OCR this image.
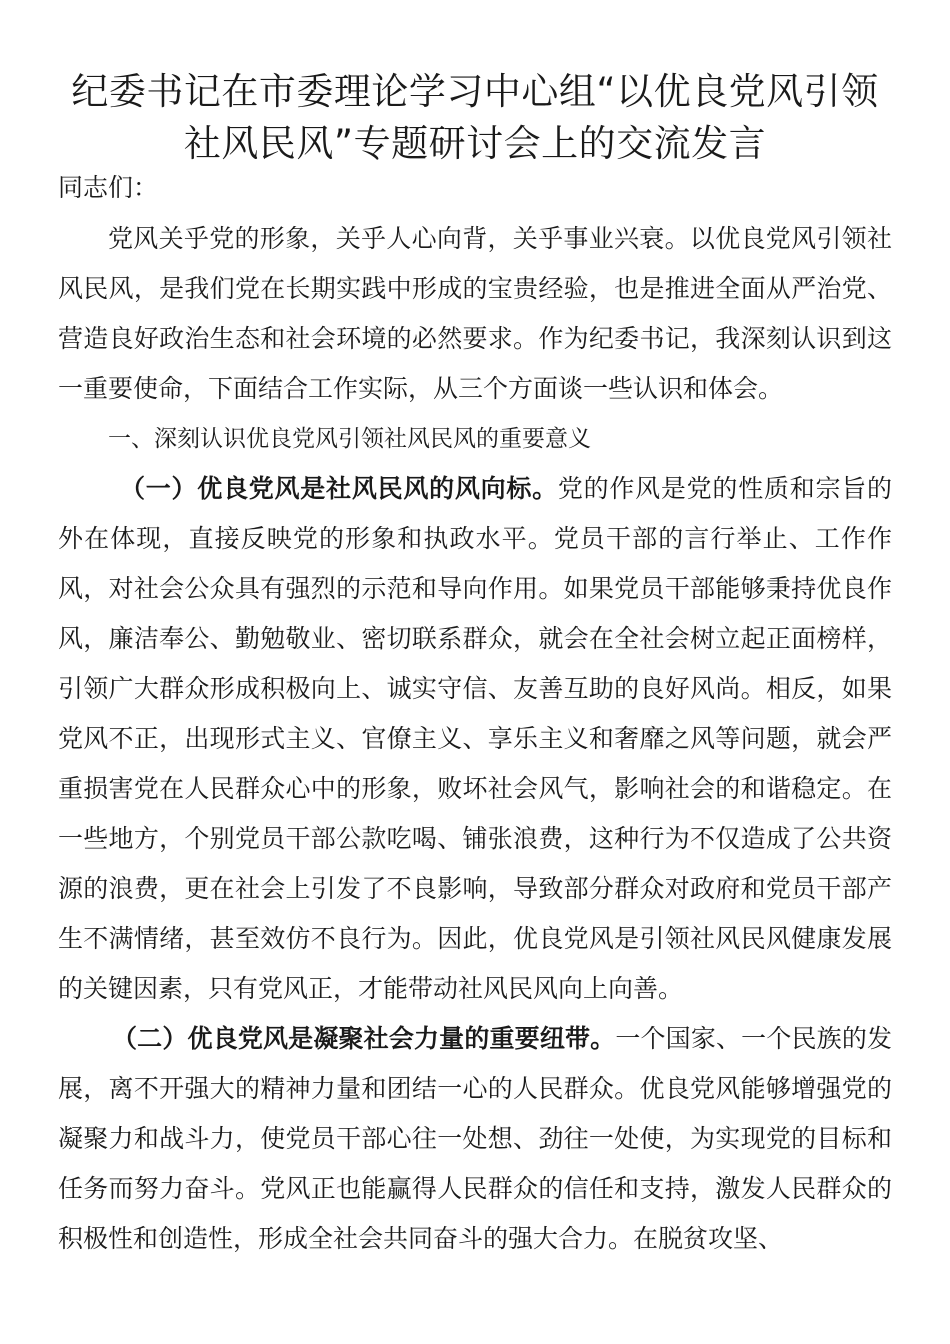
纪委书记在市委理论学习中心组“以优良党风引领社风民风”专题研讨会上的交流发言

同志们：

党风关乎党的形象，关乎人心向背，关乎事业兴衰。以优良党风引领社风民风，是我们党在长期实践中形成的宝贵经验，也是推进全面从严治党、营造良好政治生态和社会环境的必然要求。作为纪委书记，我深刻认识到这一重要使命，下面结合工作实际，从三个方面谈一些认识和体会。

一、深刻认识优良党风引领社风民风的重要意义

（一）优良党风是社风民风的风向标。党的作风是党的性质和宗旨的外在体现，直接反映党的形象和执政水平。党员干部的言行举止、工作作风，对社会公众具有强烈的示范和导向作用。如果党员干部能够秉持优良作风，廉洁奉公、勤勉敬业、密切联系群众，就会在全社会树立起正面榜样，引领广大群众形成积极向上、诚实守信、友善互助的良好风尚。相反，如果党风不正，出现形式主义、官僚主义、享乐主义和奢靡之风等问题，就会严重损害党在人民群众心中的形象，败坏社会风气，影响社会的和谐稳定。在一些地方，个别党员干部公款吃喝、铺张浪费，这种行为不仅造成了公共资源的浪费，更在社会上引发了不良影响，导致部分群众对政府和党员干部产生不满情绪，甚至效仿不良行为。因此，优良党风是引领社风民风健康发展的关键因素，只有党风正，才能带动社风民风向上向善。

（二）优良党风是凝聚社会力量的重要纽带。一个国家、一个民族的发展，离不开强大的精神力量和团结一心的人民群众。优良党风能够增强党的凝聚力和战斗力，使党员干部心往一处想、劲往一处使，为实现党的目标和任务而努力奋斗。党风正也能赢得人民群众的信任和支持，激发人民群众的积极性和创造性，形成全社会共同奋斗的强大合力。在脱贫攻坚、
